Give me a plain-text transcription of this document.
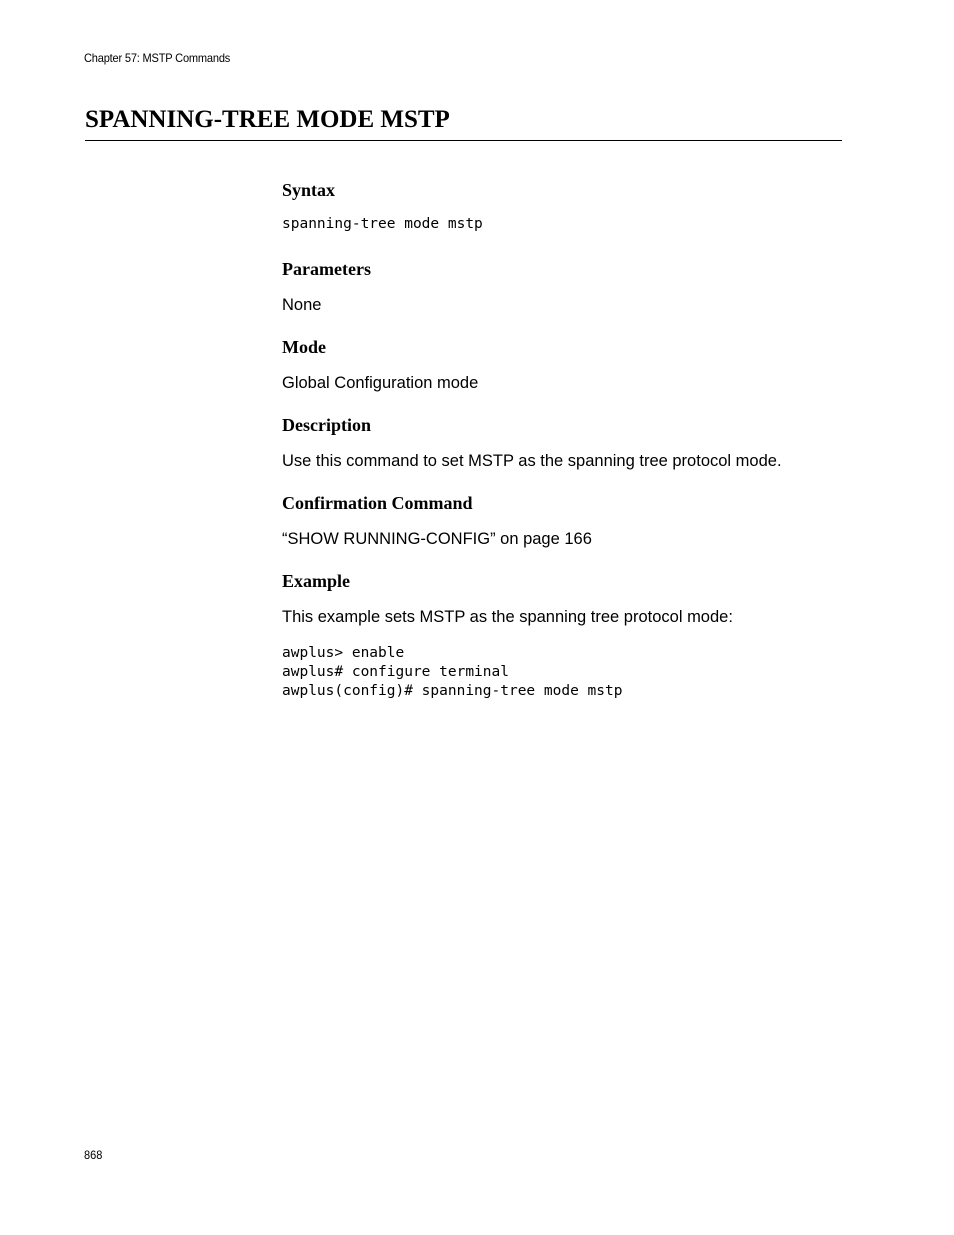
Chapter 57: MSTP Commands
SPANNING-TREE MODE MSTP
Syntax
spanning-tree mode mstp
Parameters

None

Mode

Global Configuration mode

Description

Use this command to set MSTP as the spanning tree protocol mode.

Confirmation Command

“SHOW RUNNING-CONFIG” on page 166

Example

This example sets MSTP as the spanning tree protocol mode:

awplus> enable
awplus# configure terminal
awplus(config)# spanning-tree mode mstp
868
